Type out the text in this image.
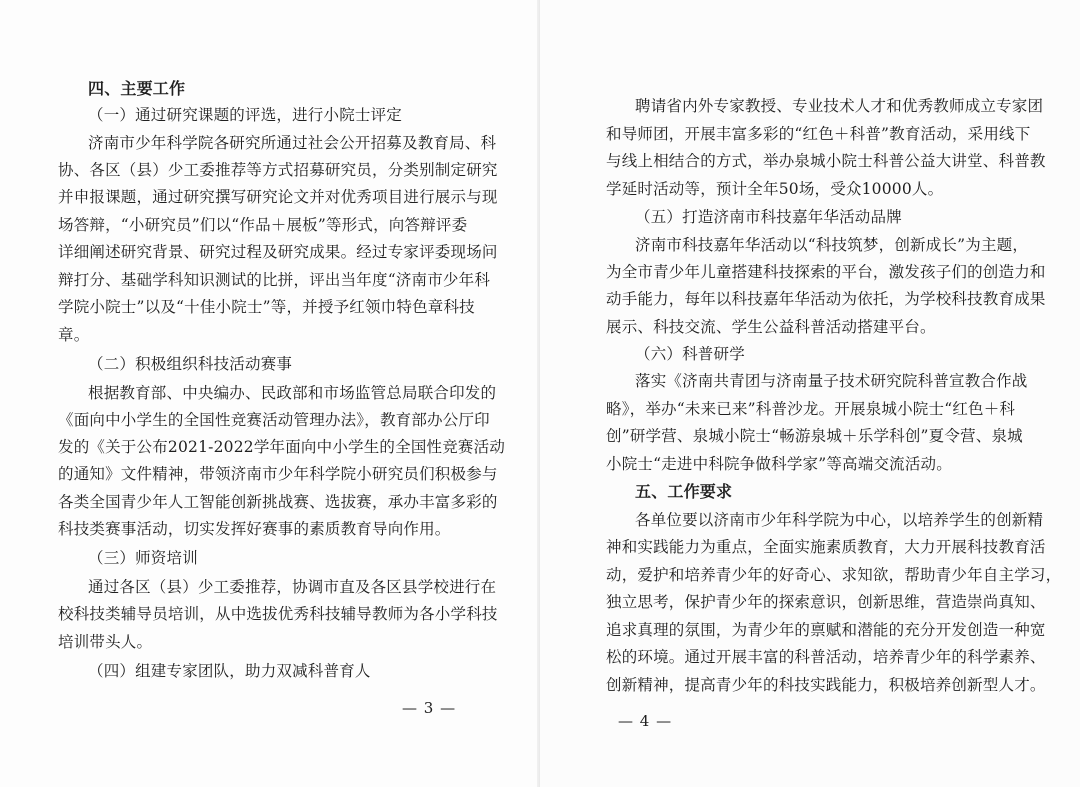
四、主要工作
（一）通过研究课题的评选，进行小院士评定
济南市少年科学院各研究所通过社会公开招募及教育局、科
协、各区（县）少工委推荐等方式招募研究员，分类别制定研究
并申报课题，通过研究撰写研究论文并对优秀项目进行展示与现
场答辩，“小研究员”们以“作品＋展板”等形式，向答辩评委
详细阐述研究背景、研究过程及研究成果。经过专家评委现场问
辩打分、基础学科知识测试的比拼，评出当年度“济南市少年科
学院小院士”以及“十佳小院士”等，并授予红领巾特色章科技
章。
（二）积极组织科技活动赛事
根据教育部、中央编办、民政部和市场监管总局联合印发的
《面向中小学生的全国性竞赛活动管理办法》，教育部办公厅印
发的《关于公布2021-2022学年面向中小学生的全国性竞赛活动
的通知》文件精神，带领济南市少年科学院小研究员们积极参与
各类全国青少年人工智能创新挑战赛、选拔赛，承办丰富多彩的
科技类赛事活动，切实发挥好赛事的素质教育导向作用。
（三）师资培训
通过各区（县）少工委推荐，协调市直及各区县学校进行在
校科技类辅导员培训，从中选拔优秀科技辅导教师为各小学科技
培训带头人。
（四）组建专家团队，助力双减科普育人
— 3 —
聘请省内外专家教授、专业技术人才和优秀教师成立专家团
和导师团，开展丰富多彩的“红色＋科普”教育活动，采用线下
与线上相结合的方式，举办泉城小院士科普公益大讲堂、科普教
学延时活动等，预计全年50场，受众10000人。
（五）打造济南市科技嘉年华活动品牌
济南市科技嘉年华活动以“科技筑梦，创新成长”为主题，
为全市青少年儿童搭建科技探索的平台，激发孩子们的创造力和
动手能力，每年以科技嘉年华活动为依托，为学校科技教育成果
展示、科技交流、学生公益科普活动搭建平台。
（六）科普研学
落实《济南共青团与济南量子技术研究院科普宣教合作战
略》，举办“未来已来”科普沙龙。开展泉城小院士“红色＋科
创”研学营、泉城小院士“畅游泉城＋乐学科创”夏令营、泉城
小院士“走进中科院争做科学家”等高端交流活动。
五、工作要求
各单位要以济南市少年科学院为中心，以培养学生的创新精
神和实践能力为重点，全面实施素质教育，大力开展科技教育活
动，爱护和培养青少年的好奇心、求知欲，帮助青少年自主学习，
独立思考，保护青少年的探索意识，创新思维，营造崇尚真知、
追求真理的氛围，为青少年的禀赋和潜能的充分开发创造一种宽
松的环境。通过开展丰富的科普活动，培养青少年的科学素养、
创新精神，提高青少年的科技实践能力，积极培养创新型人才。
— 4 —
